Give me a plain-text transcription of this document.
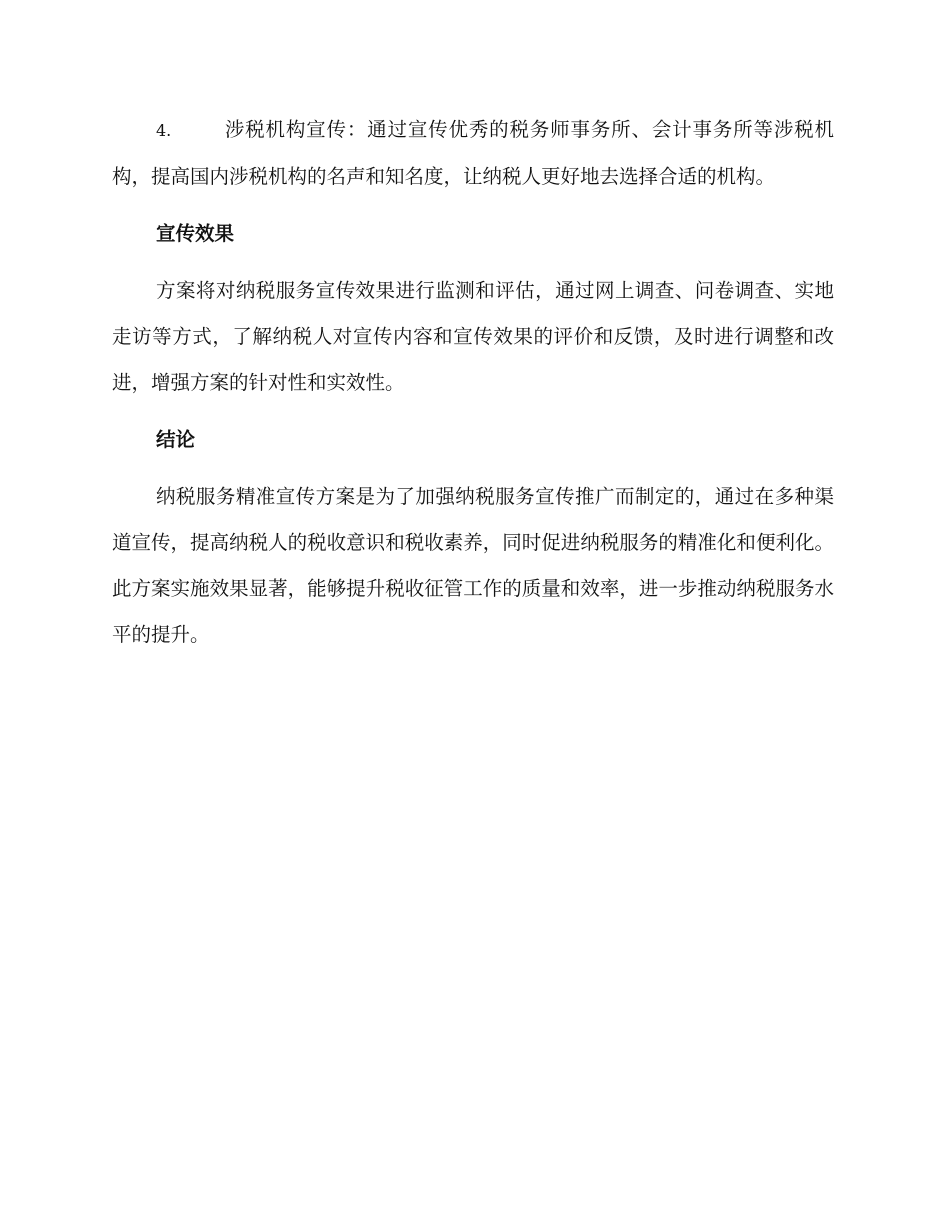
4.	涉税机构宣传：通过宣传优秀的税务师事务所、会计事务所等涉税机构，提高国内涉税机构的名声和知名度，让纳税人更好地去选择合适的机构。

宣传效果

方案将对纳税服务宣传效果进行监测和评估，通过网上调查、问卷调查、实地走访等方式，了解纳税人对宣传内容和宣传效果的评价和反馈，及时进行调整和改进，增强方案的针对性和实效性。

结论

纳税服务精准宣传方案是为了加强纳税服务宣传推广而制定的，通过在多种渠道宣传，提高纳税人的税收意识和税收素养，同时促进纳税服务的精准化和便利化。此方案实施效果显著，能够提升税收征管工作的质量和效率，进一步推动纳税服务水平的提升。
